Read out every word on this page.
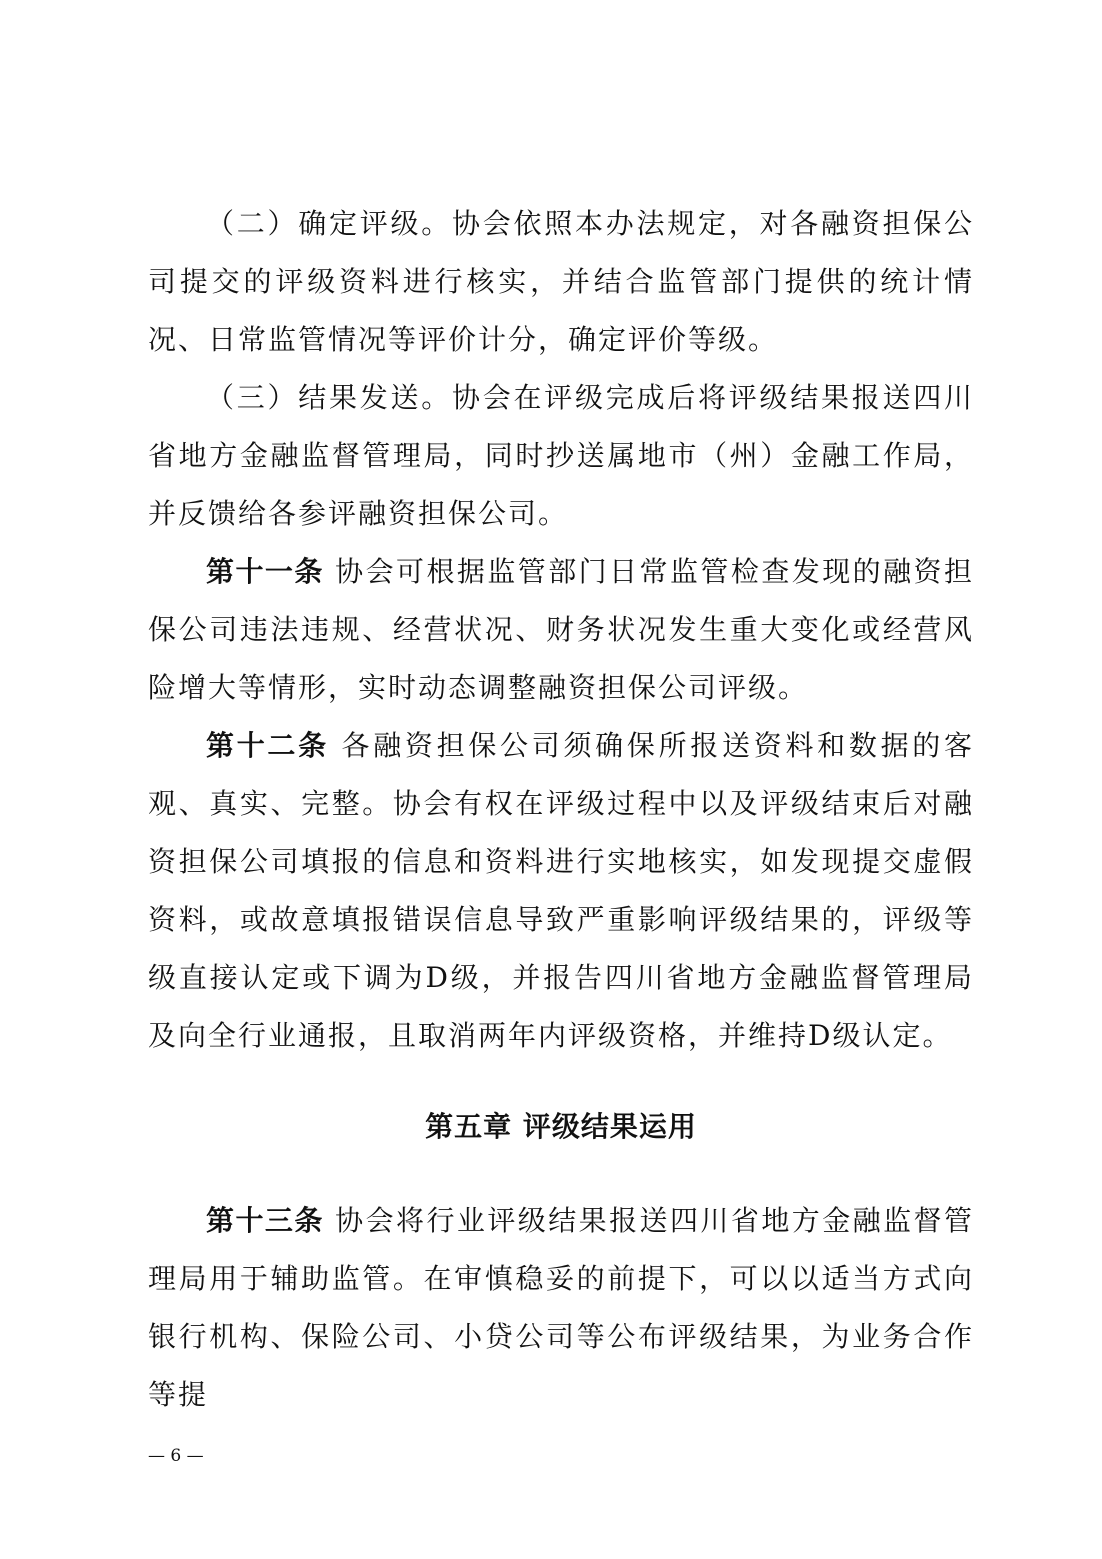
（二）确定评级。协会依照本办法规定，对各融资担保公司提交的评级资料进行核实，并结合监管部门提供的统计情况、日常监管情况等评价计分，确定评价等级。

（三）结果发送。协会在评级完成后将评级结果报送四川省地方金融监督管理局，同时抄送属地市（州）金融工作局，并反馈给各参评融资担保公司。

第十一条 协会可根据监管部门日常监管检查发现的融资担保公司违法违规、经营状况、财务状况发生重大变化或经营风险增大等情形，实时动态调整融资担保公司评级。

第十二条 各融资担保公司须确保所报送资料和数据的客观、真实、完整。协会有权在评级过程中以及评级结束后对融资担保公司填报的信息和资料进行实地核实，如发现提交虚假资料，或故意填报错误信息导致严重影响评级结果的，评级等级直接认定或下调为D级，并报告四川省地方金融监督管理局及向全行业通报，且取消两年内评级资格，并维持D级认定。

第五章 评级结果运用

第十三条 协会将行业评级结果报送四川省地方金融监督管理局用于辅助监管。在审慎稳妥的前提下，可以以适当方式向银行机构、保险公司、小贷公司等公布评级结果，为业务合作等提

— 6 —
